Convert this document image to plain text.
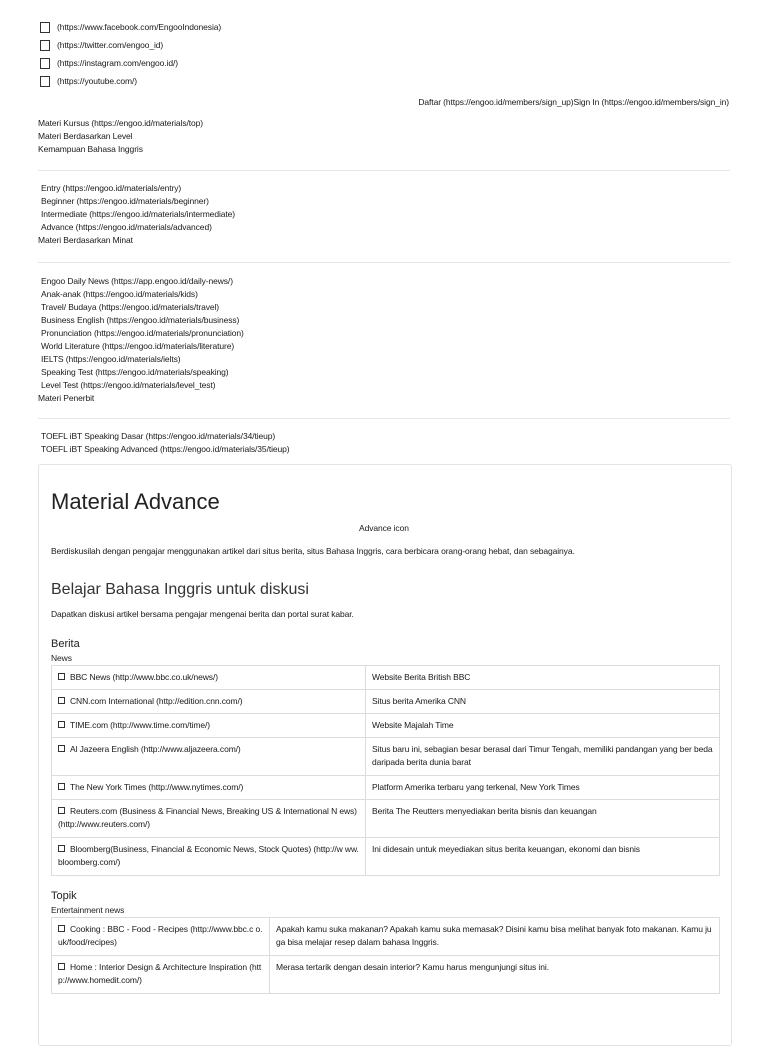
(https://www.facebook.com/EngooIndonesia)
(https://twitter.com/engoo_id)
(https://instagram.com/engoo.id/)
(https://youtube.com/)
Daftar (https://engoo.id/members/sign_up)Sign In (https://engoo.id/members/sign_in)
Materi Kursus (https://engoo.id/materials/top)
Materi Berdasarkan Level
Kemampuan Bahasa Inggris
Entry (https://engoo.id/materials/entry)
Beginner (https://engoo.id/materials/beginner)
Intermediate (https://engoo.id/materials/intermediate)
Advance (https://engoo.id/materials/advanced)
Materi Berdasarkan Minat
Engoo Daily News (https://app.engoo.id/daily-news/)
Anak-anak (https://engoo.id/materials/kids)
Travel/ Budaya (https://engoo.id/materials/travel)
Business English (https://engoo.id/materials/business)
Pronunciation (https://engoo.id/materials/pronunciation)
World Literature (https://engoo.id/materials/literature)
IELTS (https://engoo.id/materials/ielts)
Speaking Test (https://engoo.id/materials/speaking)
Level Test (https://engoo.id/materials/level_test)
Materi Penerbit
TOEFL iBT Speaking Dasar (https://engoo.id/materials/34/tieup)
TOEFL iBT Speaking Advanced (https://engoo.id/materials/35/tieup)
Material Advance
Advance icon
Berdiskusilah dengan pengajar menggunakan artikel dari situs berita, situs Bahasa Inggris, cara berbicara orang-orang hebat, dan sebagainya.
Belajar Bahasa Inggris untuk diskusi
Dapatkan diskusi artikel bersama pengajar mengenai berita dan portal surat kabar.
Berita
News
BBC News (http://www.bbc.co.uk/news/)	Website Berita British BBC
CNN.com International (http://edition.cnn.com/)	Situs berita Amerika CNN
TIME.com (http://www.time.com/time/)	Website Majalah Time
Al Jazeera English (http://www.aljazeera.com/)	Situs baru ini, sebagian besar berasal dari Timur Tengah, memiliki pandangan yang ber beda daripada berita dunia barat
The New York Times (http://www.nytimes.com/)	Platform Amerika terbaru yang terkenal, New York Times
Reuters.com (Business & Financial News, Breaking US & International N ews) (http://www.reuters.com/)	Berita The Reutters menyediakan berita bisnis dan keuangan
Bloomberg(Business, Financial & Economic News, Stock Quotes) (http://w ww.bloomberg.com/)	Ini didesain untuk meyediakan situs berita keuangan, ekonomi dan bisnis
Topik
Entertainment news
Cooking : BBC - Food - Recipes (http://www.bbc.c o.uk/food/recipes)	Apakah kamu suka makanan? Apakah kamu suka memasak? Disini kamu bisa melihat banyak foto makanan. Kamu juga bisa melajar resep dalam bahasa Inggris.
Home : Interior Design & Architecture Inspiration (http://www.homedit.com/)	Merasa tertarik dengan desain interior? Kamu harus mengunjungi situs ini.
